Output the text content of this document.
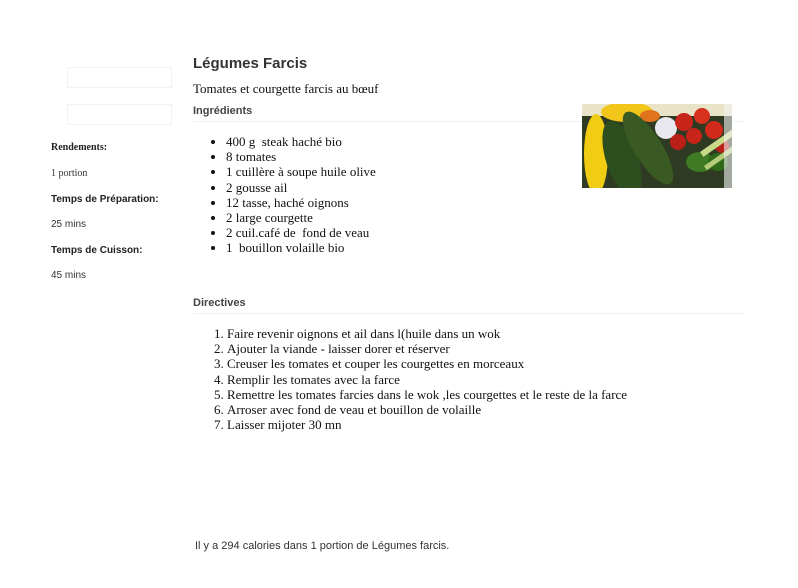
Rendements:
1 portion
Temps de Préparation:
25 mins
Temps de Cuisson:
45 mins
Légumes Farcis
Tomates et courgette farcis au bœuf
Ingrédients
• 400 g  steak haché bio
• 8 tomates
• 1 cuillère à soupe huile olive
• 2 gousse ail
• 12 tasse, haché oignons
• 2 large courgette
• 2 cuil.café de  fond de veau
• 1  bouillon volaille bio
Directives
1. Faire revenir oignons et ail dans l(huile dans un wok
2. Ajouter la viande - laisser dorer et réserver
3. Creuser les tomates et couper les courgettes en morceaux
4. Remplir les tomates avec la farce
5. Remettre les tomates farcies dans le wok ,les courgettes et le reste de la farce
6. Arroser avec fond de veau et bouillon de volaille
7. Laisser mijoter 30 mn
Il y a 294 calories dans 1 portion de Légumes farcis.
